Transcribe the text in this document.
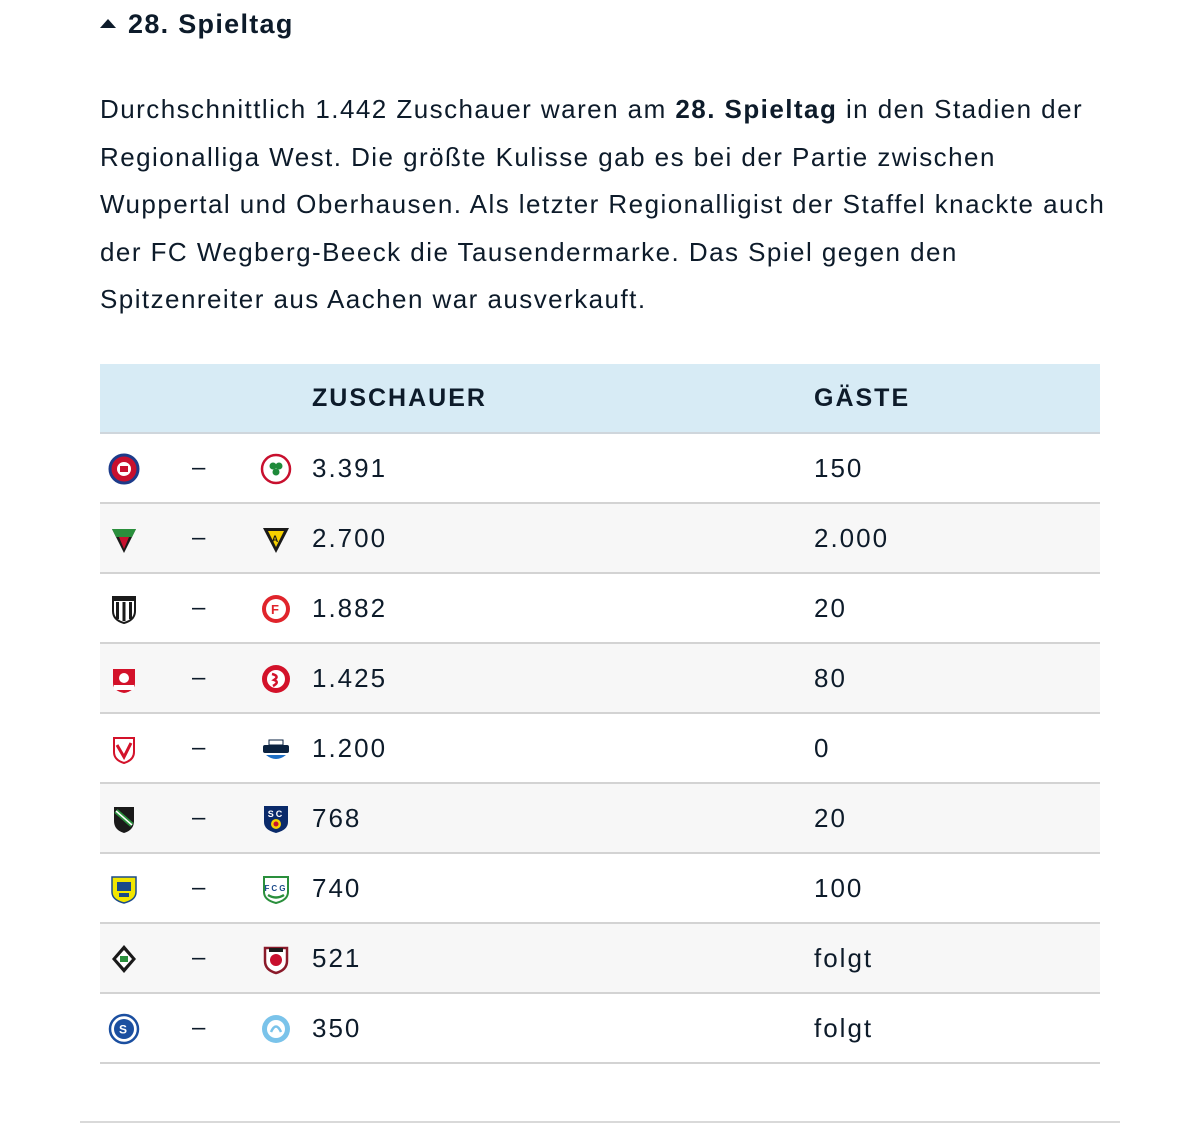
28. Spieltag

Durchschnittlich 1.442 Zuschauer waren am 28. Spieltag in den Stadien der Regionalliga West. Die größte Kulisse gab es bei der Partie zwischen Wuppertal und Oberhausen. Als letzter Regionalligist der Staffel knackte auch der FC Wegberg-Beeck die Tausendermarke. Das Spiel gegen den Spitzenreiter aus Aachen war ausverkauft.

			ZUSCHAUER	GÄSTE

	–		3.391	150

	–	A	2.700	2.000

	–	F	1.882	20

	–		1.425	80

	–		1.200	0

	–	SC	768	20

	–	FCG	740	100

	–		521	folgt

S	–		350	folgt
